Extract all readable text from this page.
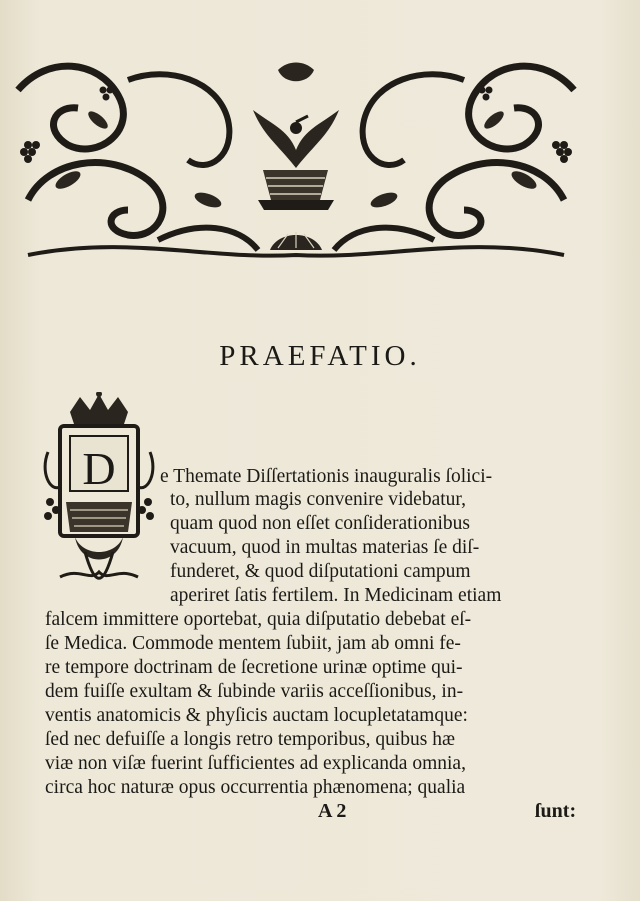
PRAEFATIO.
D e Themate Diſſertationis inauguralis ſolici-
to, nullum magis convenire videbatur,
quam quod non eſſet conſiderationibus
vacuum, quod in multas materias ſe diſ-
funderet, & quod diſputationi campum
aperiret ſatis fertilem. In Medicinam etiam
falcem immittere oportebat, quia diſputatio debebat eſ-
ſe Medica. Commode mentem ſubiit, jam ab omni fe-
re tempore doctrinam de ſecretione urinæ optime qui-
dem fuiſſe exultam & ſubinde variis acceſſionibus, in-
ventis anatomicis & phyſicis auctam locupletatamque:
ſed nec defuiſſe a longis retro temporibus, quibus hæ
viæ non viſæ fuerint ſufficientes ad explicanda omnia,
circa hoc naturæ opus occurrentia phænomena; qualia
A 2	ſunt:
